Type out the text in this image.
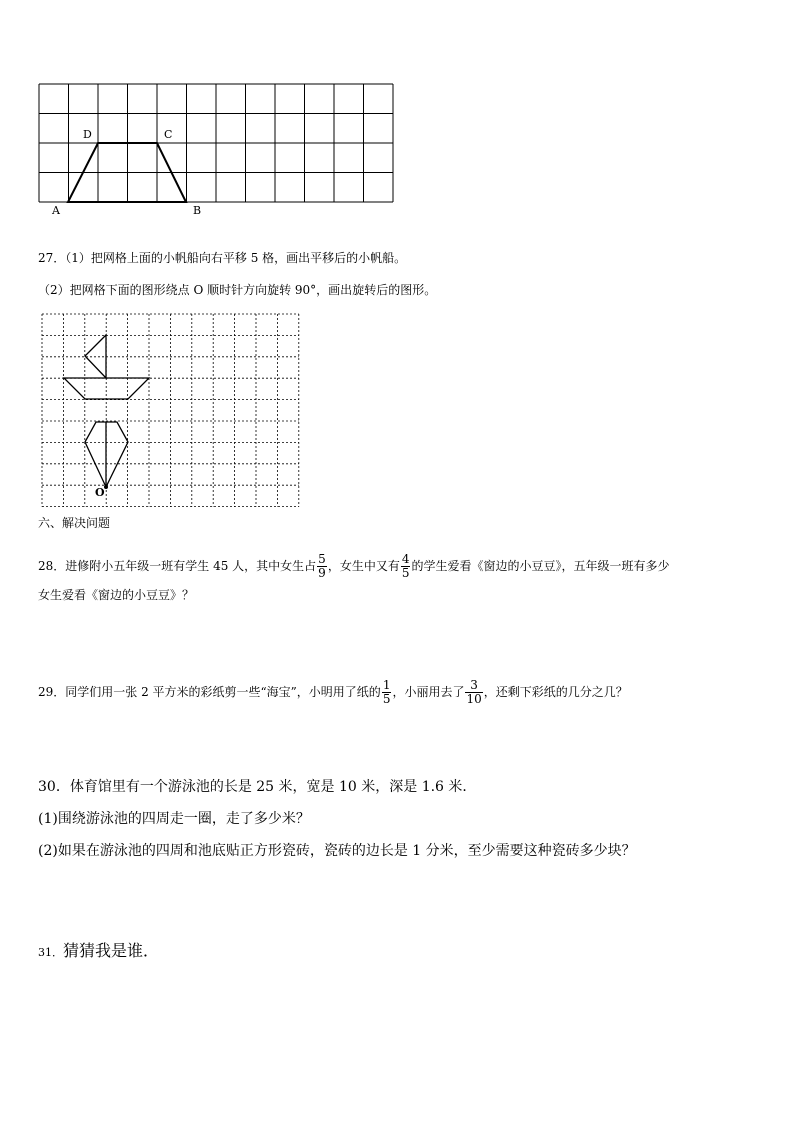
D	C
A	B
27．（1）把网格上面的小帆船向右平移 5 格，画出平移后的小帆船。
（2）把网格下面的图形绕点 O 顺时针方向旋转 90°，画出旋转后的图形。
O
六、解决问题
28．进修附小五年级一班有学生 45 人，其中女生占 $\frac{5}{9}$ ，女生中又有 $\frac{4}{5}$ 的学生爱看《窗边的小豆豆》，五年级一班有多少
女生爱看《窗边的小豆豆》？
29．同学们用一张 2 平方米的彩纸剪一些“海宝”，小明用了纸的 $\frac{1}{5}$ ，小丽用去了 $\frac{3}{10}$ ，还剩下彩纸的几分之几？
30．体育馆里有一个游泳池的长是 25 米，宽是 10 米，深是 1.6 米．
(1)围绕游泳池的四周走一圈，走了多少米？
(2)如果在游泳池的四周和池底贴正方形瓷砖，瓷砖的边长是 1 分米，至少需要这种瓷砖多少块？
31．猜猜我是谁．
